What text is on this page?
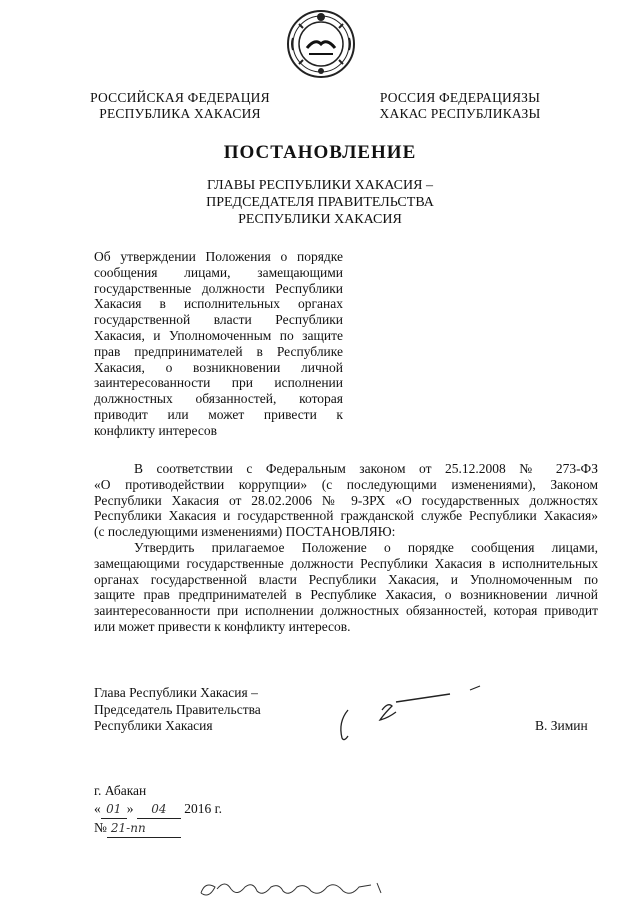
РОССИЙСКАЯ ФЕДЕРАЦИЯ
РЕСПУБЛИКА ХАКАСИЯ
РОССИЯ ФЕДЕРАЦИЯЗЫ
ХАКАС РЕСПУБЛИКАЗЫ
ПОСТАНОВЛЕНИЕ
ГЛАВЫ РЕСПУБЛИКИ ХАКАСИЯ –
ПРЕДСЕДАТЕЛЯ ПРАВИТЕЛЬСТВА
РЕСПУБЛИКИ ХАКАСИЯ
Об утверждении Положения о порядке
сообщения лицами, замещающими
государственные должности Республики
Хакасия в исполнительных органах
государственной власти Республики
Хакасия, и Уполномоченным по защите
прав предпринимателей в Республике
Хакасия, о возникновении личной
заинтересованности при исполнении
должностных обязанностей, которая
приводит или может привести к
конфликту интересов
В соответствии с Федеральным законом от 25.12.2008 № 273-ФЗ
«О противодействии коррупции» (с последующими изменениями), Законом
Республики Хакасия от 28.02.2006 № 9-ЗРХ «О государственных должностях
Республики Хакасия и государственной гражданской службе Республики Хакасия»
(с последующими изменениями) ПОСТАНОВЛЯЮ:
Утвердить прилагаемое Положение о порядке сообщения лицами,
замещающими государственные должности Республики Хакасия в исполнительных
органах государственной власти Республики Хакасия, и Уполномоченным по
защите прав предпринимателей в Республике Хакасия, о возникновении личной
заинтересованности при исполнении должностных обязанностей, которая приводит
или может привести к конфликту интересов.
Глава Республики Хакасия –
Председатель Правительства
Республики Хакасия	В. Зимин
г. Абакан
« 01 » 04 2016 г.
№ 21-пп
